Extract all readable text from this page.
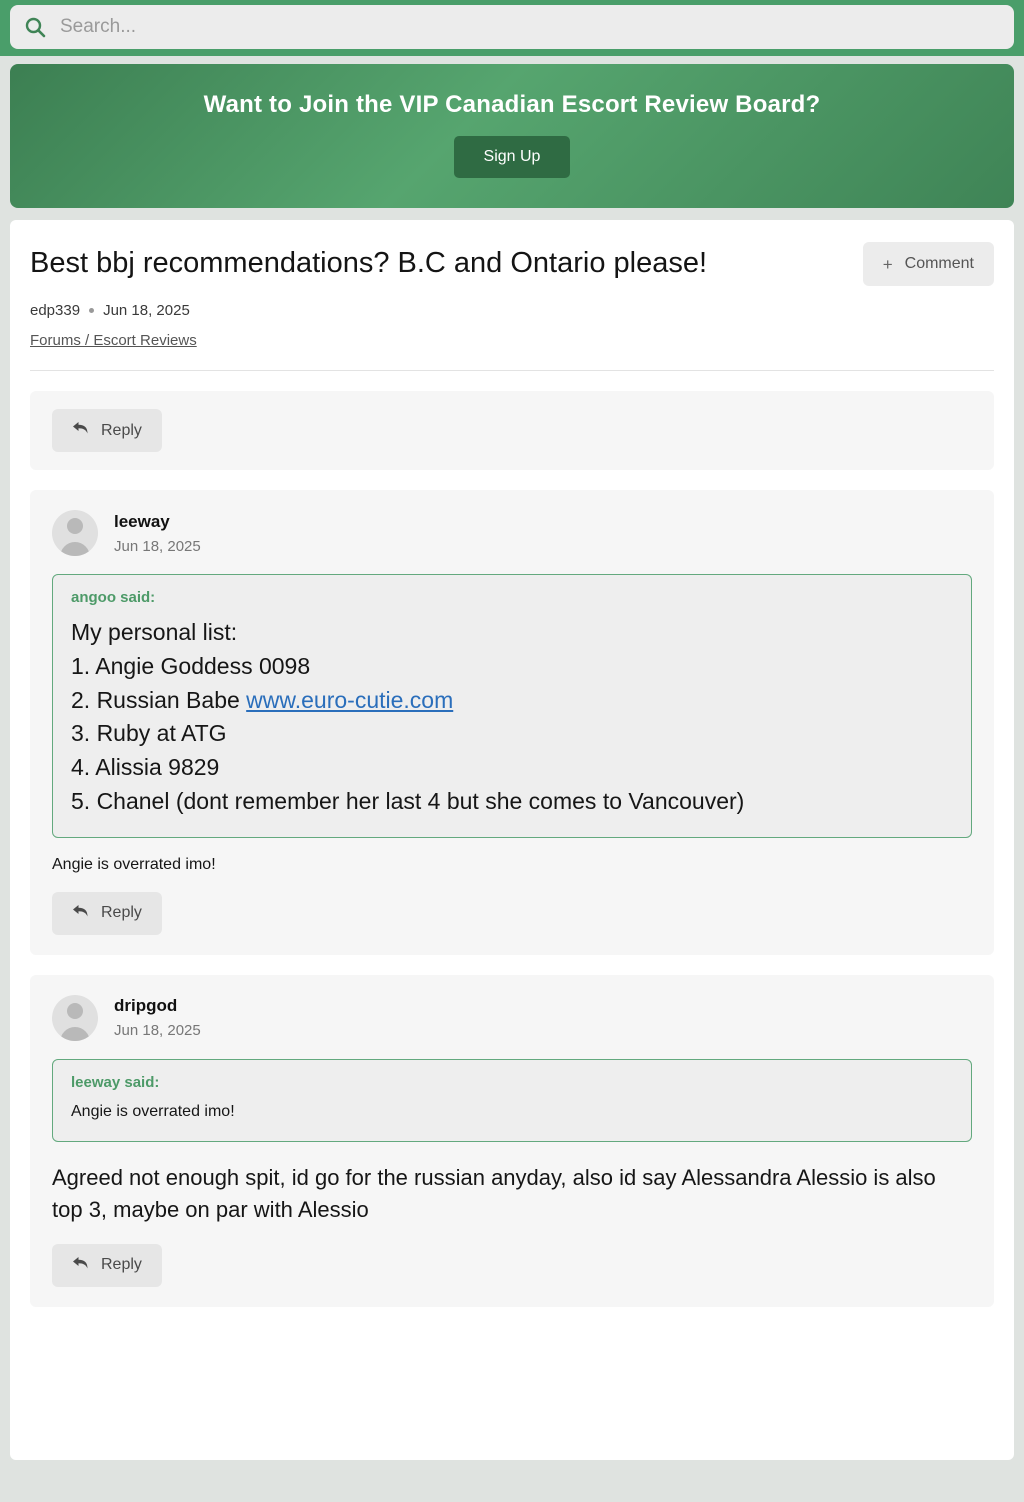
Search...
Want to Join the VIP Canadian Escort Review Board?
Sign Up
Best bbj recommendations? B.C and Ontario please!	+ Comment
edp339 Jun 18, 2025
Forums / Escort Reviews
Reply
leeway
Jun 18, 2025
angoo said:
My personal list:
1. Angie Goddess 0098
2. Russian Babe www.euro-cutie.com
3. Ruby at ATG
4. Alissia 9829
5. Chanel (dont remember her last 4 but she comes to Vancouver)
Angie is overrated imo!
Reply
dripgod
Jun 18, 2025
leeway said:
Angie is overrated imo!
Agreed not enough spit, id go for the russian anyday, also id say Alessandra Alessio is also top 3, maybe on par with Alessio
Reply
